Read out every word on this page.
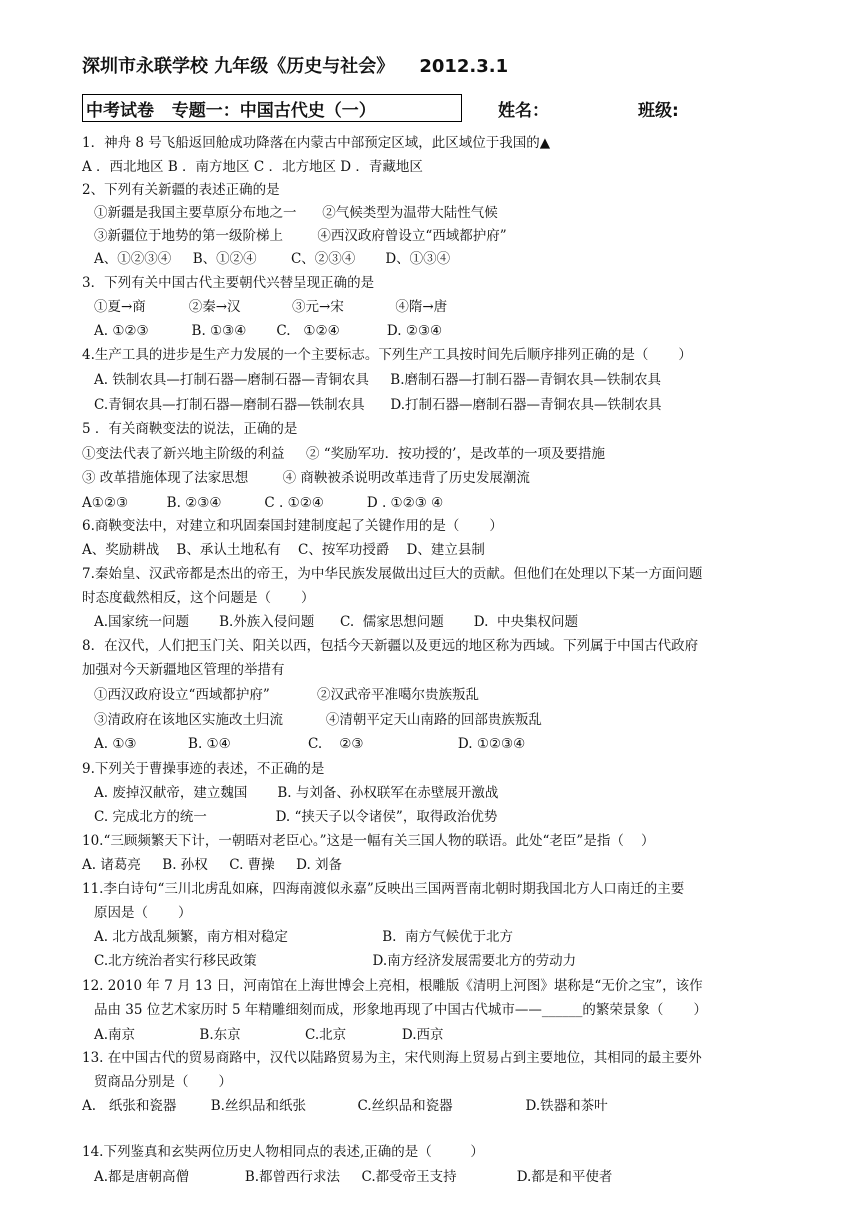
深圳市永联学校 九年级《历史与社会》    2012.3.1
中考试卷   专题一：中国古代史（一）	姓名：	班级:
1．神舟 8 号飞船返回舱成功降落在内蒙古中部预定区域，此区域位于我国的▲
A ．西北地区 B ．南方地区 C ．北方地区 D ．青藏地区
2、下列有关新疆的表述正确的是
①新疆是我国主要草原分布地之一      ②气候类型为温带大陆性气候
③新疆位于地势的第一级阶梯上        ④西汉政府曾设立“西域都护府”
A、①②③④     B、①②④        C、②③④       D、①③④
3．下列有关中国古代主要朝代兴替呈现正确的是
①夏→商          ②秦→汉            ③元→宋            ④隋→唐
A. ①②③          B. ①③④       C.   ①②④           D. ②③④
4.生产工具的进步是生产力发展的一个主要标志。下列生产工具按时间先后顺序排列正确的是（       ）
A. 铁制农具—打制石器—磨制石器—青铜农具     B.磨制石器—打制石器—青铜农具—铁制农具
C.青铜农具—打制石器—磨制石器—铁制农具      D.打制石器—磨制石器—青铜农具—铁制农具
5 ．有关商鞅变法的说法，正确的是
①变法代表了新兴地主阶级的利益     ② “奖励军功．按功授的’，是改革的一项及要措施
③ 改革措施体现了法家思想        ④ 商鞅被杀说明改革违背了历史发展潮流
A①②③         B. ②③④          C . ①②④          D . ①②③ ④
6.商鞅变法中，对建立和巩固秦国封建制度起了关键作用的是（       ）
A、奖励耕战    B、承认土地私有    C、按军功授爵    D、建立县制
7.秦始皇、汉武帝都是杰出的帝王，为中华民族发展做出过巨大的贡献。但他们在处理以下某一方面问题
时态度截然相反，这个问题是（       ）
A.国家统一问题       B.外族入侵问题      C.  儒家思想问题       D.  中央集权问题
8．在汉代，人们把玉门关、阳关以西，包括今天新疆以及更远的地区称为西域。下列属于中国古代政府
加强对今天新疆地区管理的举措有
①西汉政府设立“西域都护府”           ②汉武帝平准噶尔贵族叛乱
③清政府在该地区实施改土归流          ④清朝平定天山南路的回部贵族叛乱
A. ①③            B. ①④                  C.    ②③                      D. ①②③④
9.下列关于曹操事迹的表述，不正确的是
A. 废掉汉献帝，建立魏国       B. 与刘备、孙权联军在赤壁展开激战
C. 完成北方的统一                D. “挟天子以令诸侯”，取得政治优势
10.“三顾频繁天下计，一朝晤对老臣心。”这是一幅有关三国人物的联语。此处“老臣”是指（    ）
A. 诸葛亮     B. 孙权     C. 曹操     D. 刘备
11.李白诗句“三川北虏乱如麻，四海南渡似永嘉”反映出三国两晋南北朝时期我国北方人口南迁的主要
原因是（       ）
A. 北方战乱频繁，南方相对稳定                      B.  南方气候优于北方
C.北方统治者实行移民政策                           D.南方经济发展需要北方的劳动力
12. 2010 年 7 月 13 日，河南馆在上海世博会上亮相，根雕版《清明上河图》堪称是“无价之宝”，该作
品由 35 位艺术家历时 5 年精雕细刻而成，形象地再现了中国古代城市——______的繁荣景象（       ）
A.南京               B.东京               C.北京             D.西京
13. 在中国古代的贸易商路中，汉代以陆路贸易为主，宋代则海上贸易占到主要地位，其相同的最主要外
贸商品分别是（       ）
A.   纸张和瓷器        B.丝织品和纸张            C.丝织品和瓷器                 D.铁器和茶叶
14.下列鉴真和玄奘两位历史人物相同点的表述,正确的是（         ）
A.都是唐朝高僧             B.都曾西行求法     C.都受帝王支持              D.都是和平使者
